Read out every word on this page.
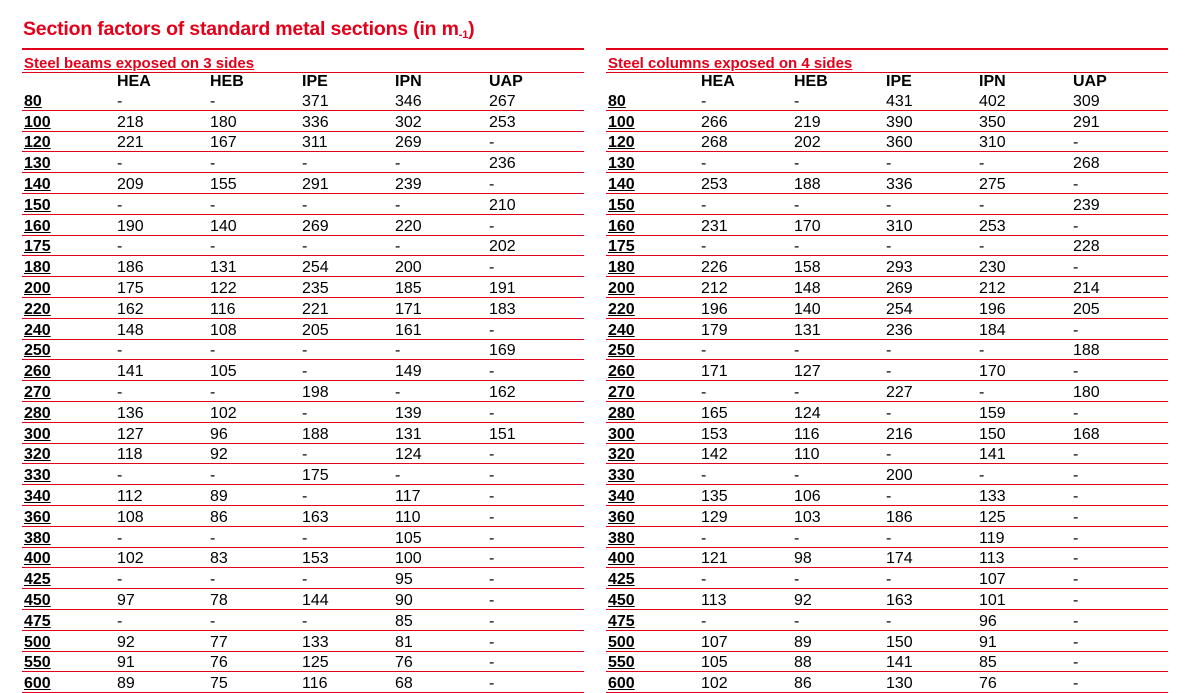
Section factors of standard metal sections (in $m_{-1}$)
Steel beams exposed on 3 sides
	HEA	HEB	IPE	IPN	UAP
80	-	-	371	346	267
100	218	180	336	302	253
120	221	167	311	269	-
130	-	-	-	-	236
140	209	155	291	239	-
150	-	-	-	-	210
160	190	140	269	220	-
175	-	-	-	-	202
180	186	131	254	200	-
200	175	122	235	185	191
220	162	116	221	171	183
240	148	108	205	161	-
250	-	-	-	-	169
260	141	105	-	149	-
270	-	-	198	-	162
280	136	102	-	139	-
300	127	96	188	131	151
320	118	92	-	124	-
330	-	-	175	-	-
340	112	89	-	117	-
360	108	86	163	110	-
380	-	-	-	105	-
400	102	83	153	100	-
425	-	-	-	95	-
450	97	78	144	90	-
475	-	-	-	85	-
500	92	77	133	81	-
550	91	76	125	76	-
600	89	75	116	68	-
Steel columns exposed on 4 sides
	HEA	HEB	IPE	IPN	UAP
80	-	-	431	402	309
100	266	219	390	350	291
120	268	202	360	310	-
130	-	-	-	-	268
140	253	188	336	275	-
150	-	-	-	-	239
160	231	170	310	253	-
175	-	-	-	-	228
180	226	158	293	230	-
200	212	148	269	212	214
220	196	140	254	196	205
240	179	131	236	184	-
250	-	-	-	-	188
260	171	127	-	170	-
270	-	-	227	-	180
280	165	124	-	159	-
300	153	116	216	150	168
320	142	110	-	141	-
330	-	-	200	-	-
340	135	106	-	133	-
360	129	103	186	125	-
380	-	-	-	119	-
400	121	98	174	113	-
425	-	-	-	107	-
450	113	92	163	101	-
475	-	-	-	96	-
500	107	89	150	91	-
550	105	88	141	85	-
600	102	86	130	76	-
